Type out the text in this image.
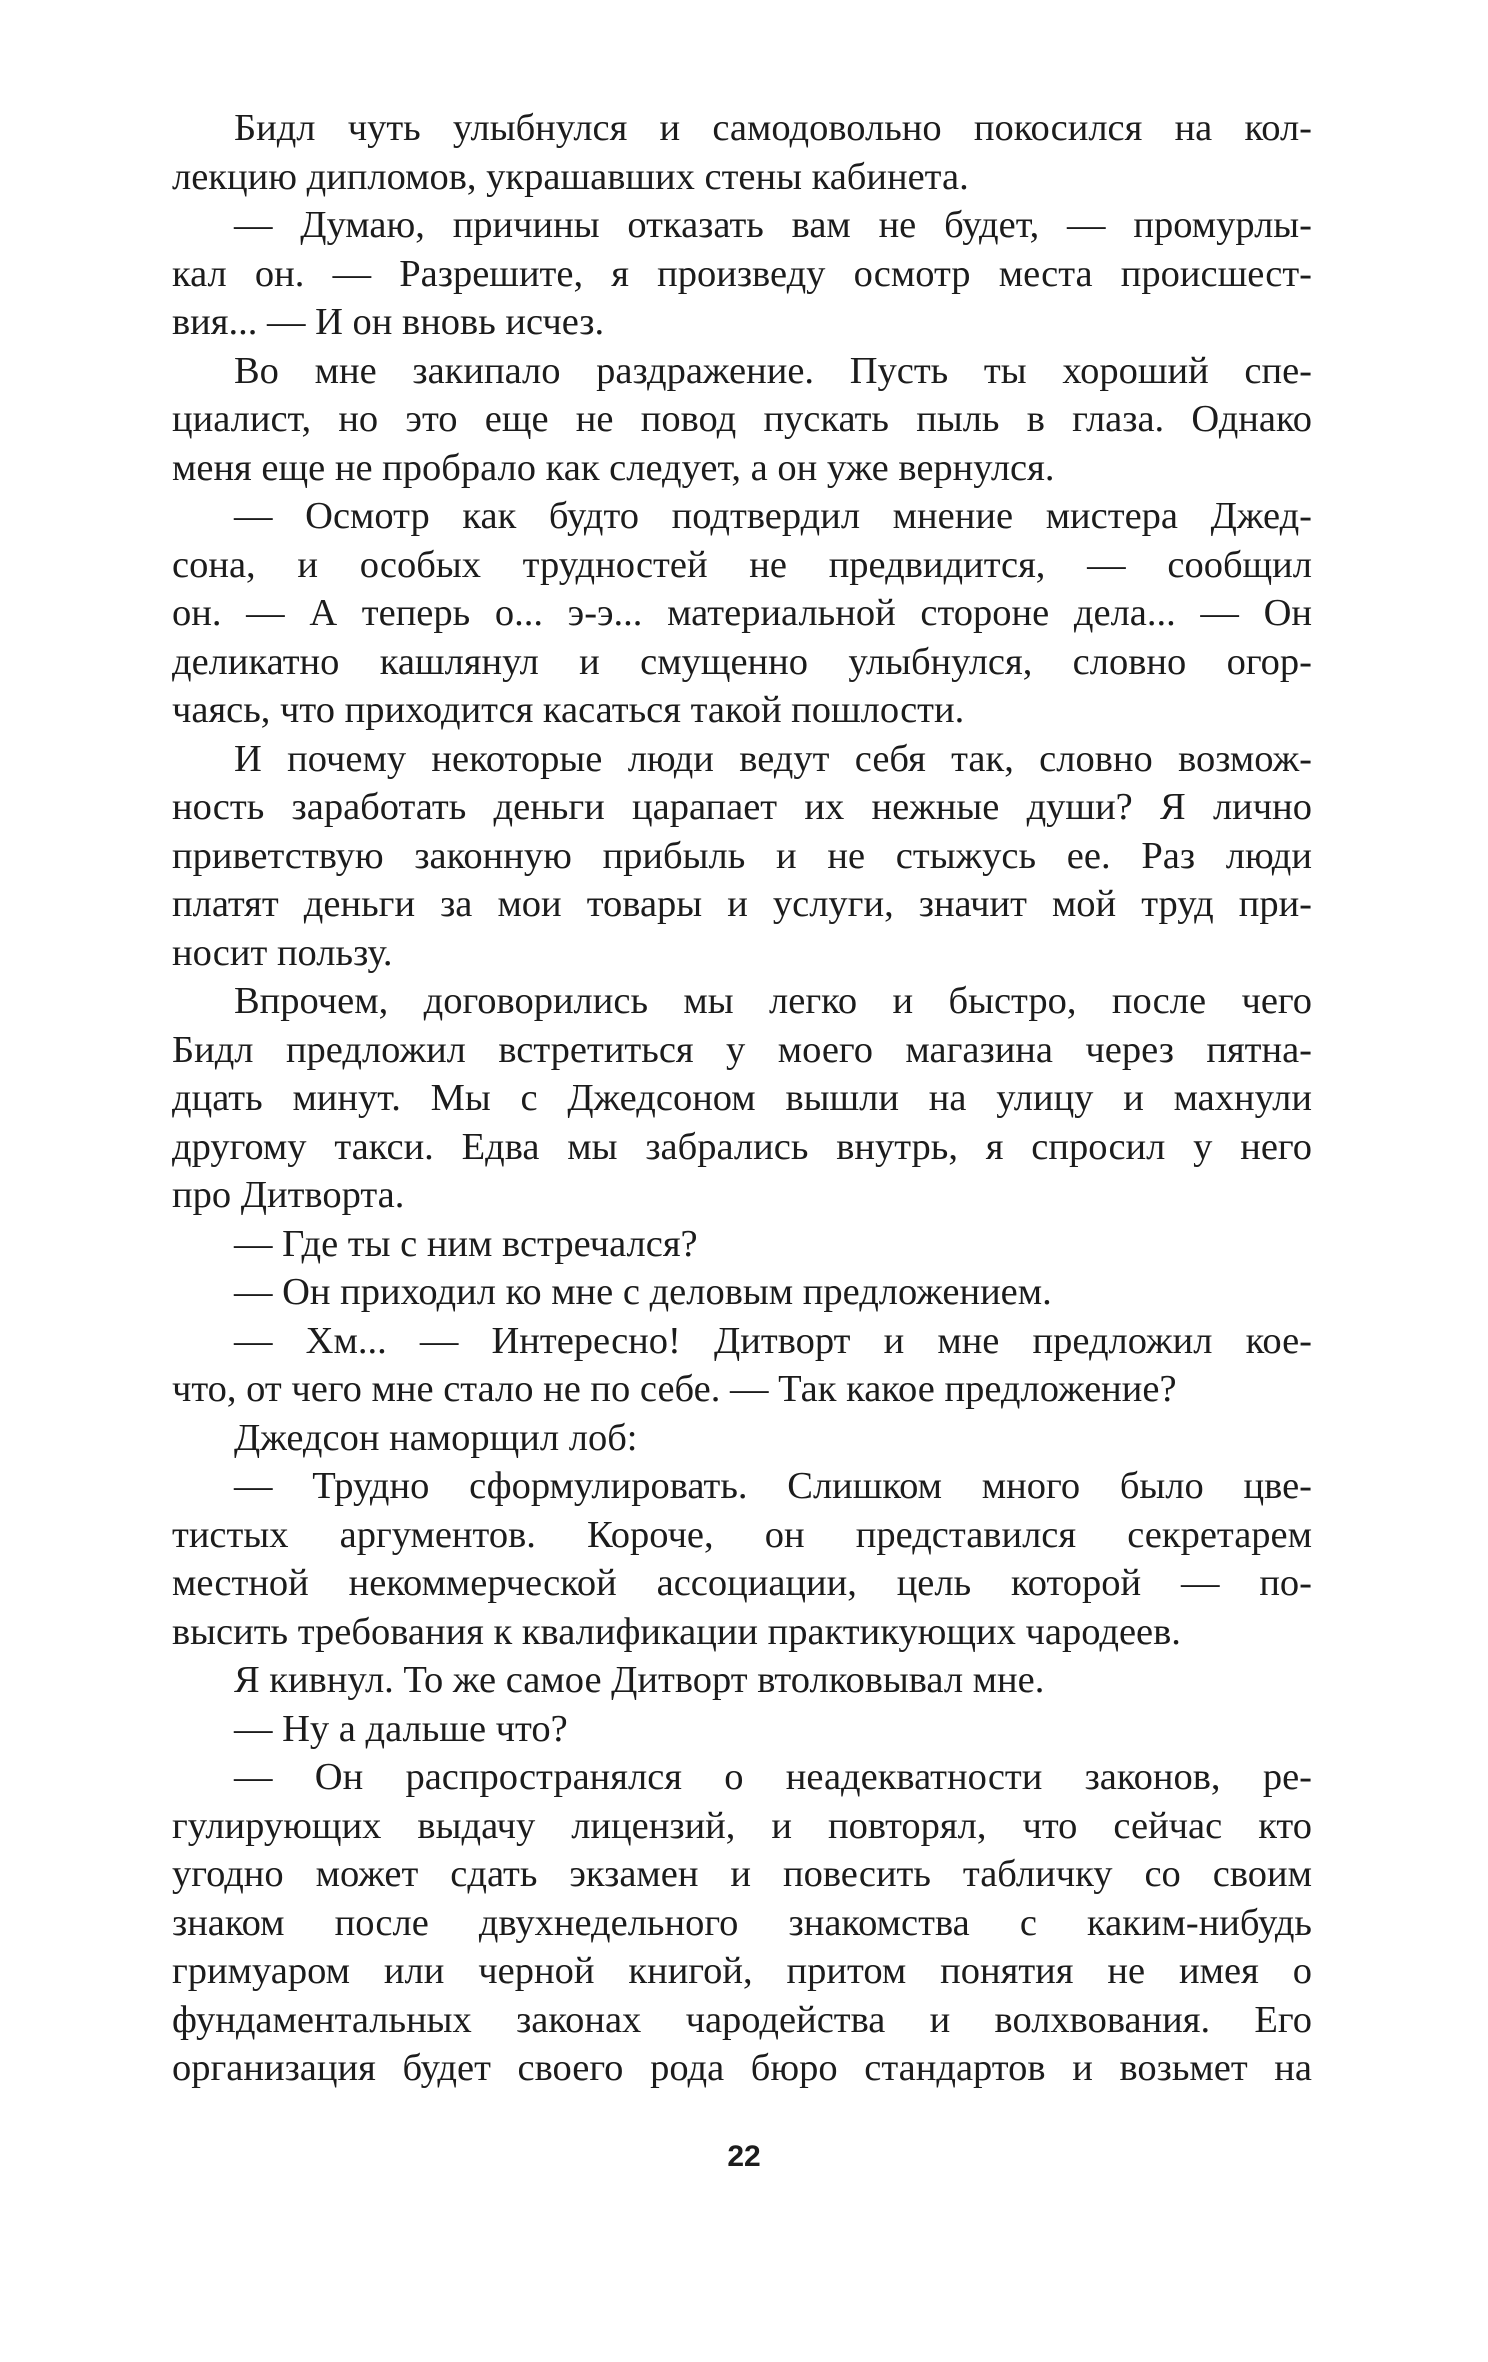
Бидл чуть улыбнулся и самодовольно покосился на кол-
лекцию дипломов, украшавших стены кабинета.
— Думаю, причины отказать вам не будет, — промурлы-
кал он. — Разрешите, я произведу осмотр места происшест-
вия... — И он вновь исчез.
Во мне закипало раздражение. Пусть ты хороший спе-
циалист, но это еще не повод пускать пыль в глаза. Однако
меня еще не пробрало как следует, а он уже вернулся.
— Осмотр как будто подтвердил мнение мистера Джед-
сона, и особых трудностей не предвидится, — сообщил
он. — А теперь о... э-э... материальной стороне дела... — Он
деликатно кашлянул и смущенно улыбнулся, словно огор-
чаясь, что приходится касаться такой пошлости.
И почему некоторые люди ведут себя так, словно возмож-
ность заработать деньги царапает их нежные души? Я лично
приветствую законную прибыль и не стыжусь ее. Раз люди
платят деньги за мои товары и услуги, значит мой труд при-
носит пользу.
Впрочем, договорились мы легко и быстро, после чего
Бидл предложил встретиться у моего магазина через пятна-
дцать минут. Мы с Джедсоном вышли на улицу и махнули
другому такси. Едва мы забрались внутрь, я спросил у него
про Дитворта.
— Где ты с ним встречался?
— Он приходил ко мне с деловым предложением.
— Хм... — Интересно! Дитворт и мне предложил кое-
что, от чего мне стало не по себе. — Так какое предложение?
Джедсон наморщил лоб:
— Трудно сформулировать. Слишком много было цве-
тистых аргументов. Короче, он представился секретарем
местной некоммерческой ассоциации, цель которой — по-
высить требования к квалификации практикующих чародеев.
Я кивнул. То же самое Дитворт втолковывал мне.
— Ну а дальше что?
— Он распространялся о неадекватности законов, ре-
гулирующих выдачу лицензий, и повторял, что сейчас кто
угодно может сдать экзамен и повесить табличку со своим
знаком после двухнедельного знакомства с каким-нибудь
гримуаром или черной книгой, притом понятия не имея о
фундаментальных законах чародейства и волхвования. Его
организация будет своего рода бюро стандартов и возьмет на
22
